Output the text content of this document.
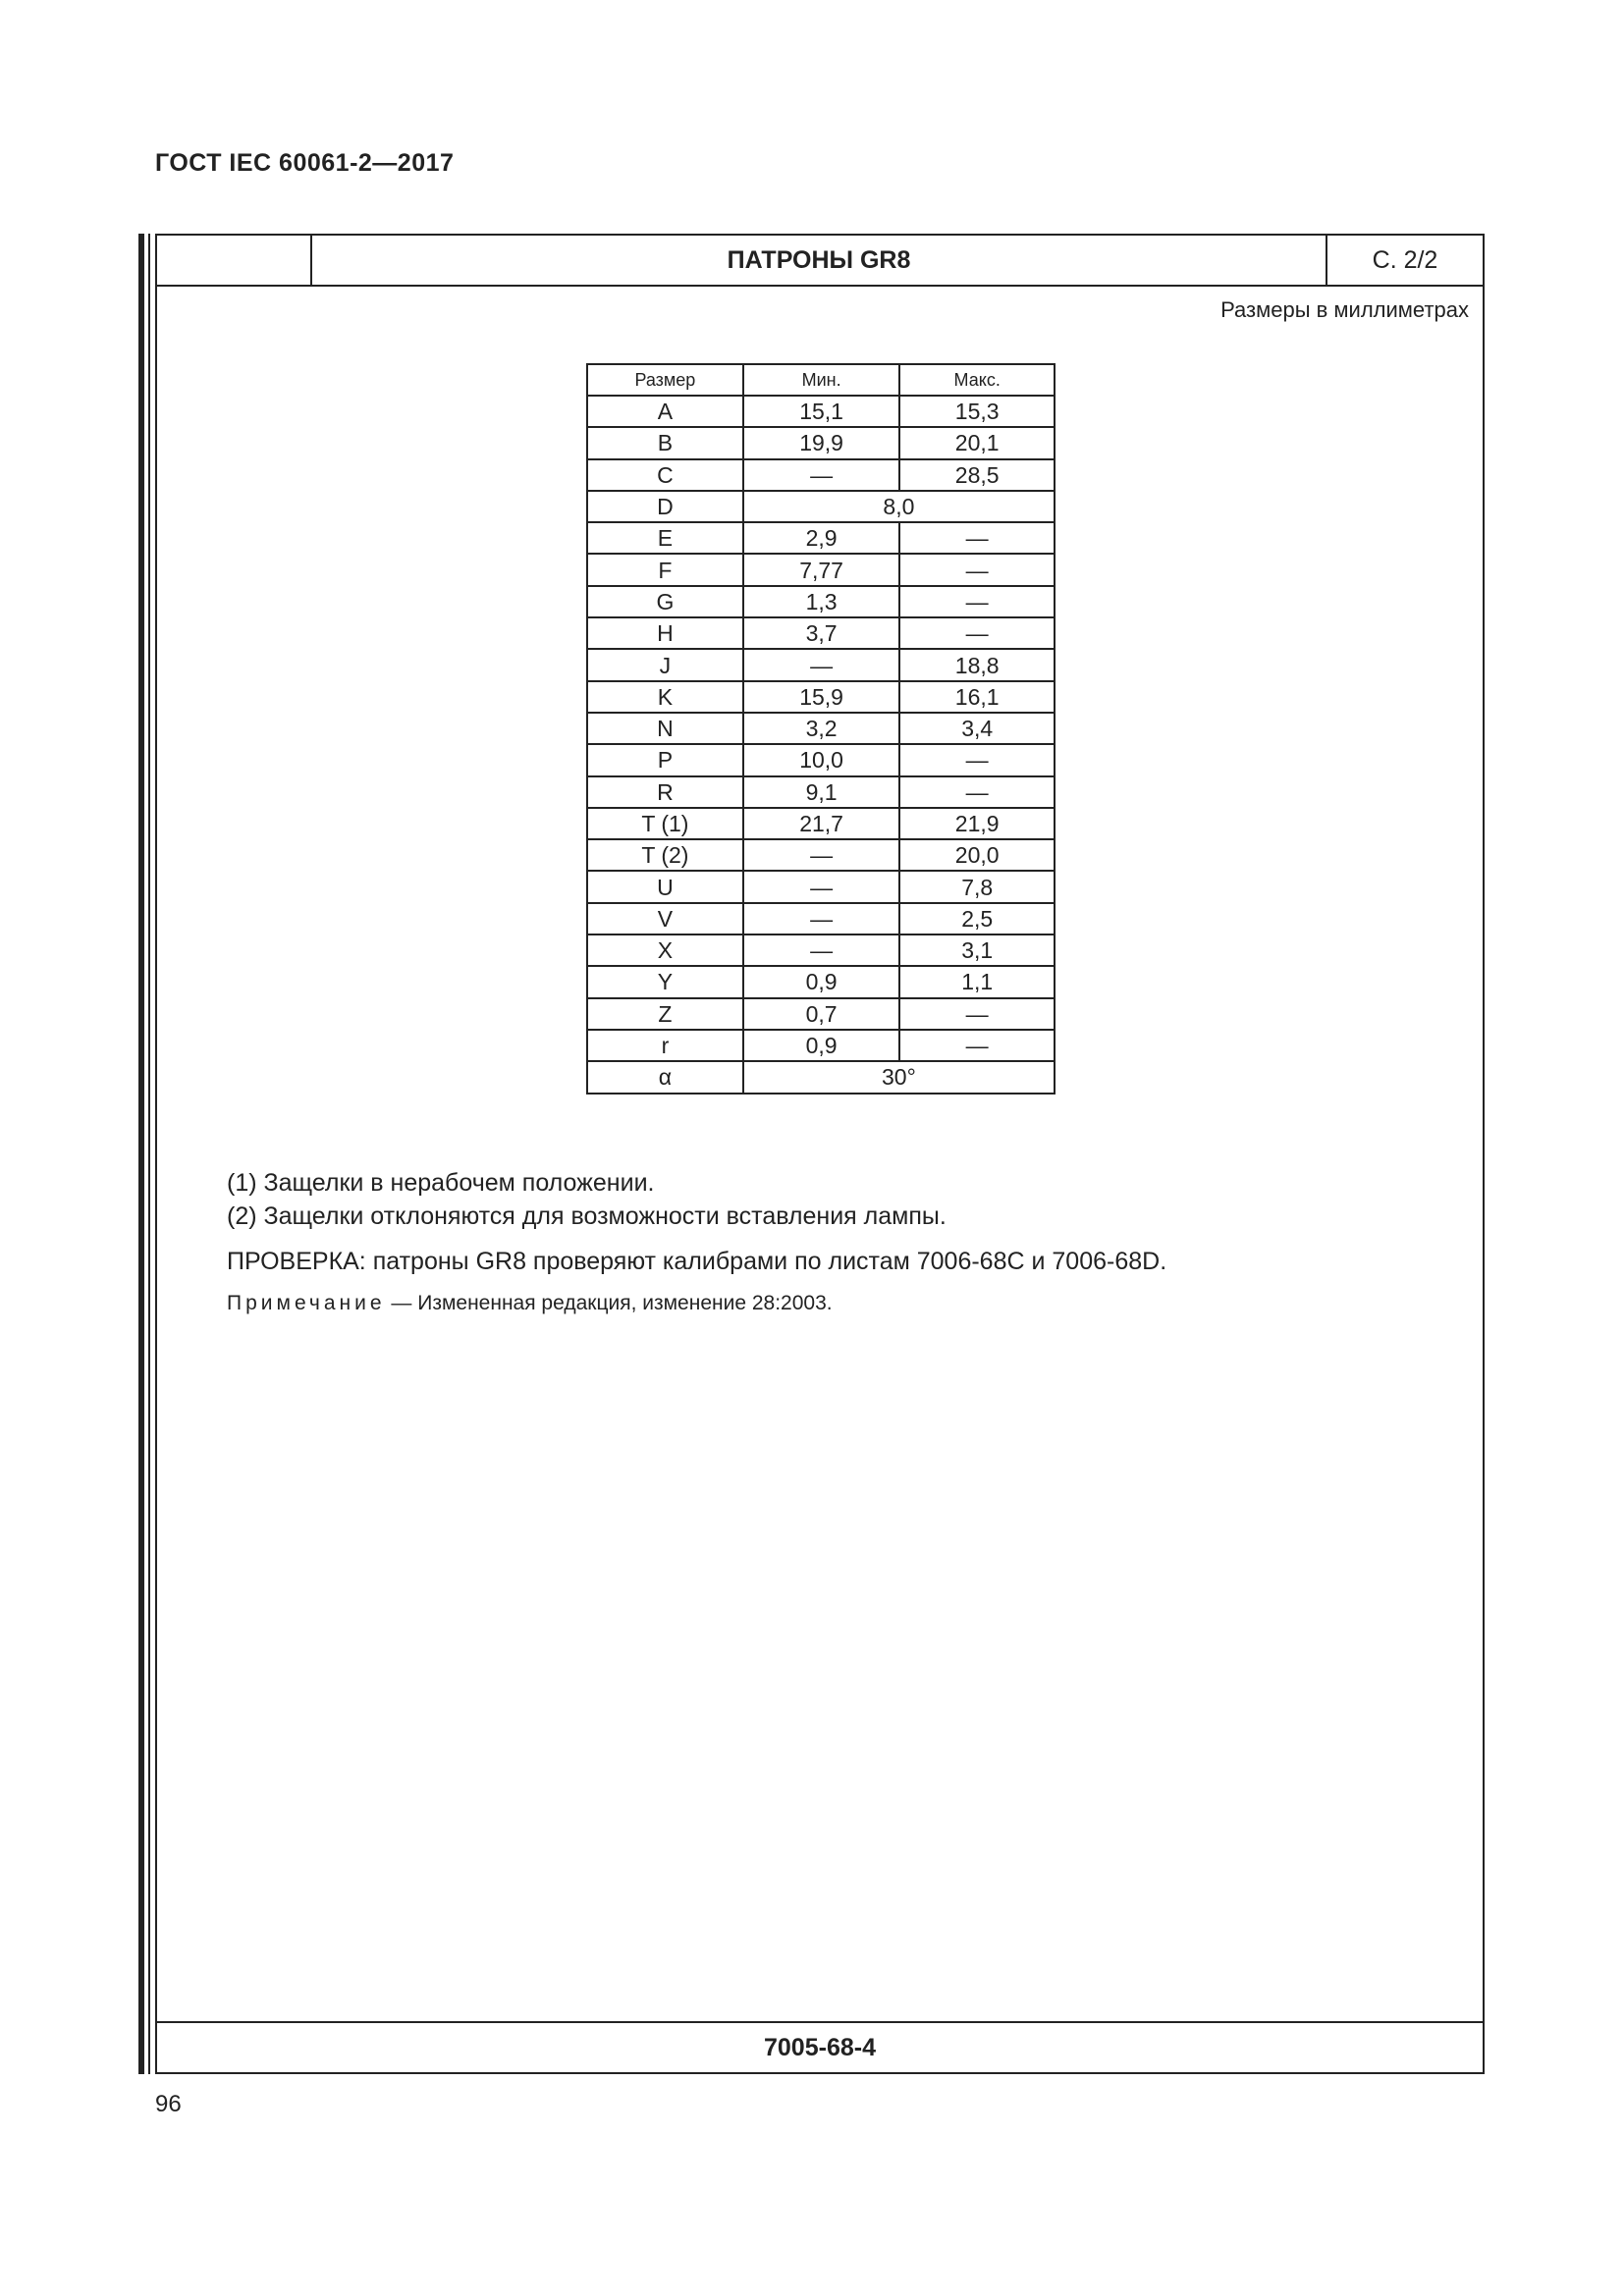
ГОСТ IEC 60061-2—2017
ПАТРОНЫ GR8	С. 2/2
Размеры в миллиметрах
Размер	Мин.	Макс.
A	15,1	15,3
B	19,9	20,1
C	—	28,5
D	8,0	
E	2,9	—
F	7,77	—
G	1,3	—
H	3,7	—
J	—	18,8
K	15,9	16,1
N	3,2	3,4
P	10,0	—
R	9,1	—
T (1)	21,7	21,9
T (2)	—	20,0
U	—	7,8
V	—	2,5
X	—	3,1
Y	0,9	1,1
Z	0,7	—
r	0,9	—
α	30°	
(1) Защелки в нерабочем положении.
(2) Защелки отклоняются для возможности вставления лампы.
ПРОВЕРКА: патроны GR8 проверяют калибрами по листам 7006-68C и 7006-68D.
Примечание — Измененная редакция, изменение 28:2003.
7005-68-4
96
